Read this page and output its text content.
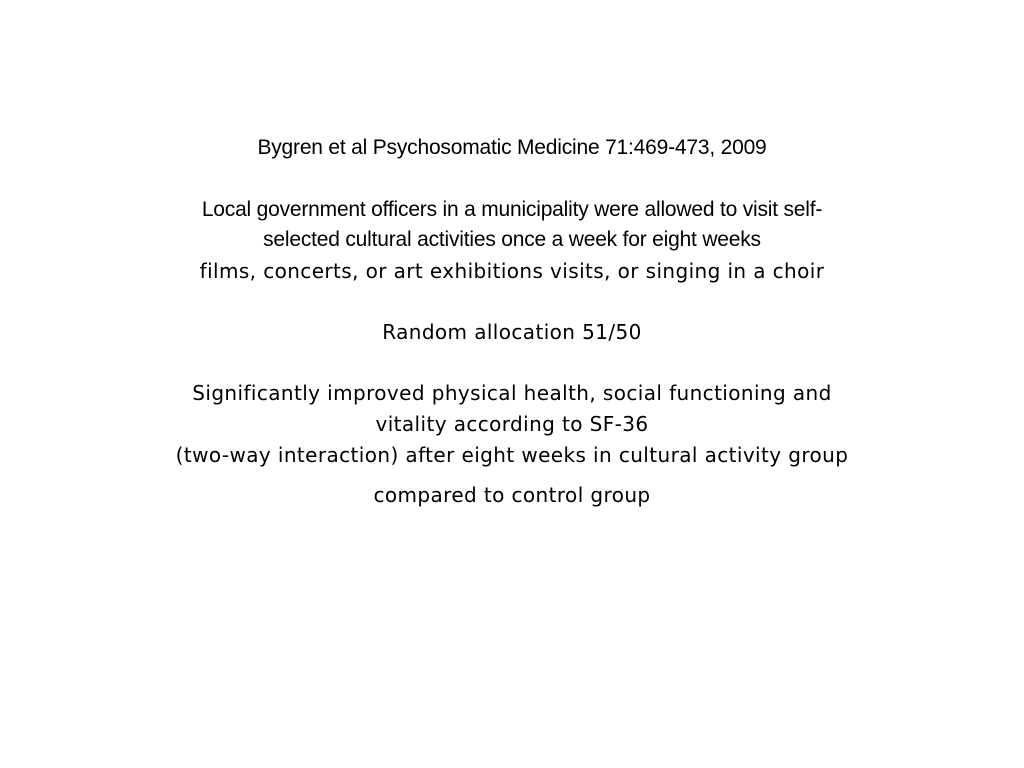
Bygren et al Psychosomatic Medicine 71:469-473, 2009
Local government officers in a municipality were allowed to visit self-
selected cultural activities once a week for eight weeks
films, concerts, or art exhibitions visits, or singing in a choir
Random allocation 51/50
Significantly improved physical health, social functioning and
vitality according to SF-36
(two-way interaction) after eight weeks in cultural activity group
compared to control group
